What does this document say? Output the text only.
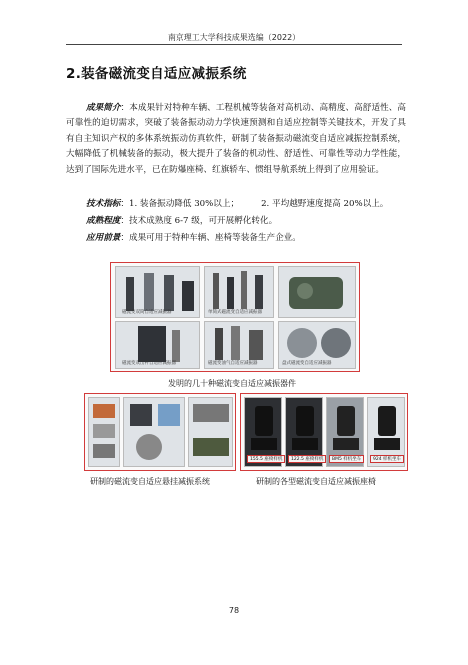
南京理工大学科技成果选编（2022）
2.装备磁流变自适应减振系统
成果简介：本成果针对特种车辆、工程机械等装备对高机动、高精度、高舒适性、高可靠性的迫切需求，突破了装备振动动力学快速预测和自适应控制等关键技术，开发了具有自主知识产权的多体系统振动仿真软件，研制了装备振动磁流变自适应减振控制系统，大幅降低了机械装备的振动，极大提升了装备的机动性、舒适性、可靠性等动力学性能，达到了国际先进水平，已在防爆座椅、红旗轿车、惯组导航系统上得到了应用验证。
技术指标：1. 装备振动降低 30%以上；	2. 平均越野速度提高 20%以上。
成熟程度：技术成熟度 6-7 级，可开展孵化转化。
应用前景：成果可用于特种车辆、座椅等装备生产企业。
磁流变双筒自适应减振器	单筒式磁流变自适应减振器
磁流变双出杆自适应减振器	磁流变油气自适应减振器	盘式磁流变自适应减振器
发明的几十种磁流变自适应减振器件
研制的磁流变自适应悬挂减振系统
155.5 座椅样机	122.5 座椅样机	BM5 样机坐车	924 样机坐车
研制的各型磁流变自适应减振座椅
78
